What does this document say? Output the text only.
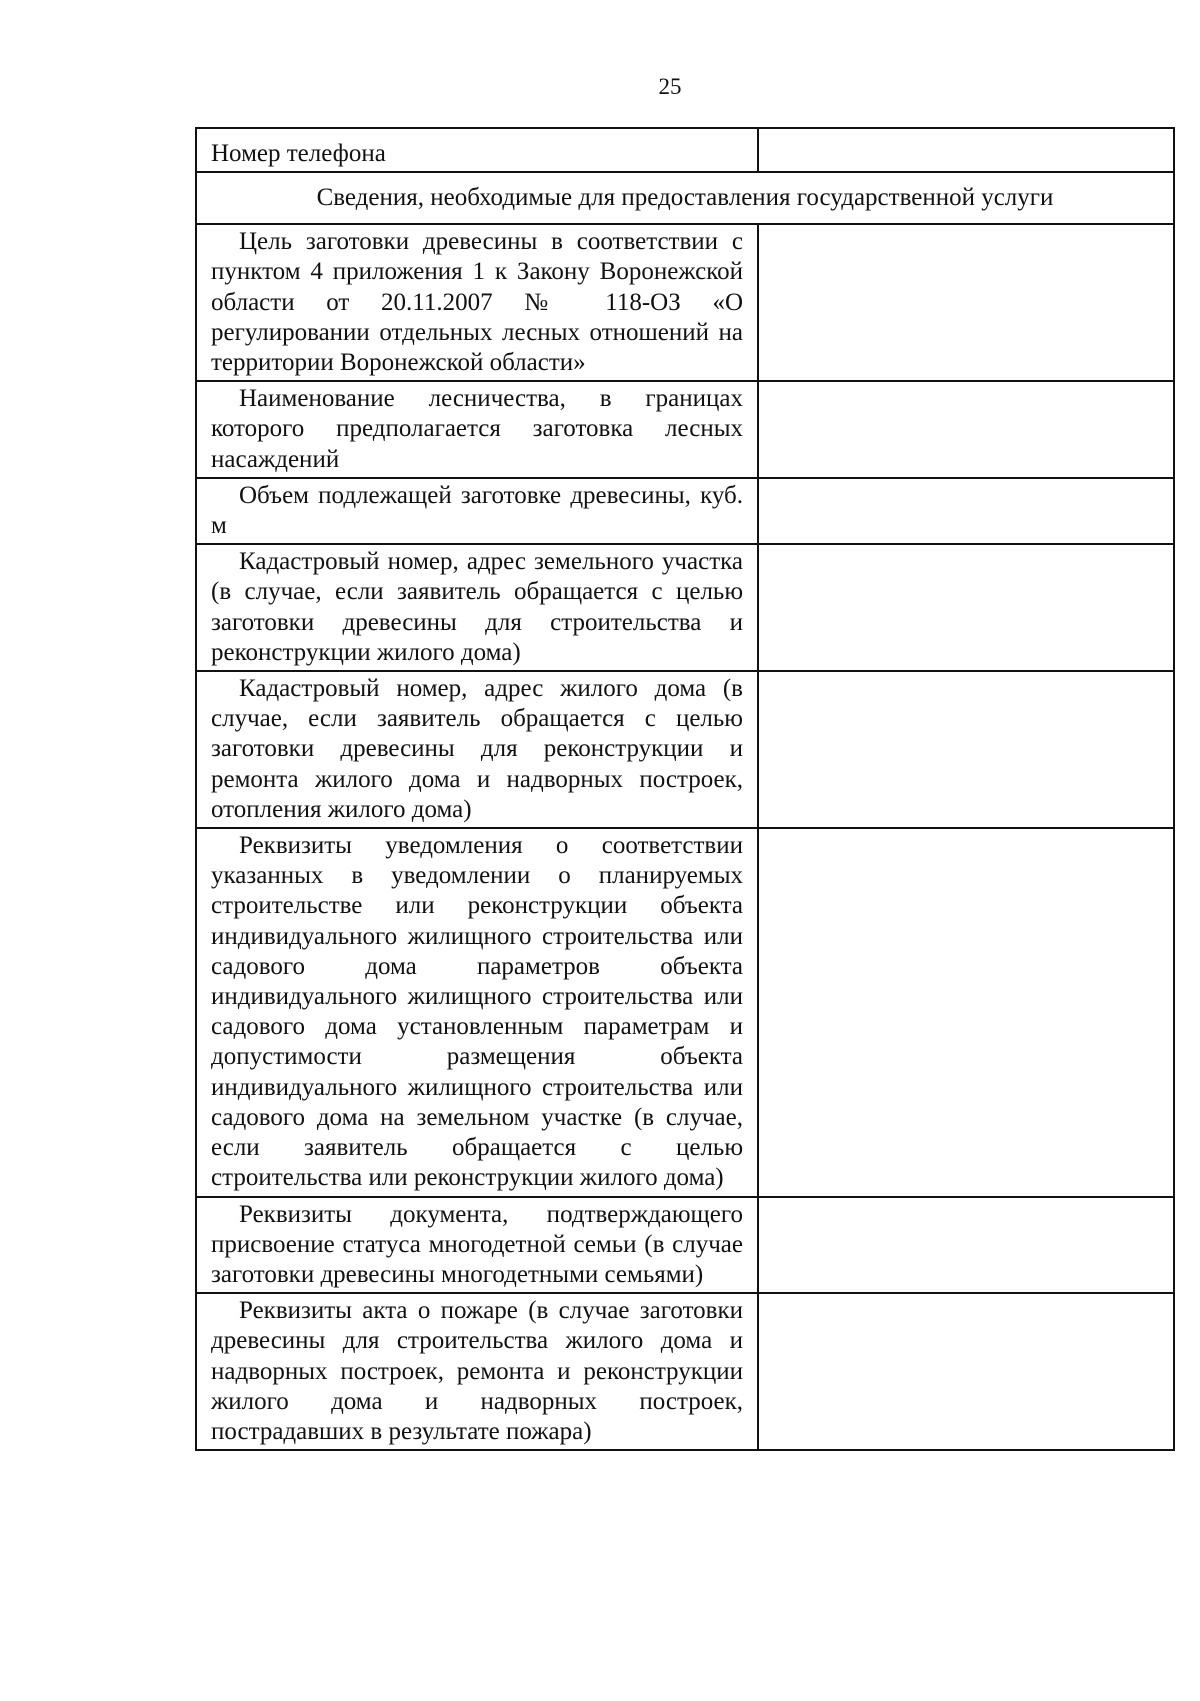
25
Номер телефона	
Сведения, необходимые для предоставления государственной услуги	
Цель заготовки древесины в соответствии с пунктом 4 приложения 1 к Закону Воронежской области от 20.11.2007 № 118-ОЗ «О регулировании отдельных лесных отношений на территории Воронежской области»	
Наименование лесничества, в границах которого предполагается заготовка лесных насаждений	
Объем подлежащей заготовке древесины, куб. м	
Кадастровый номер, адрес земельного участка (в случае, если заявитель обращается с целью заготовки древесины для строительства и реконструкции жилого дома)	
Кадастровый номер, адрес жилого дома (в случае, если заявитель обращается с целью заготовки древесины для реконструкции и ремонта жилого дома и надворных построек, отопления жилого дома)	
Реквизиты уведомления о соответствии указанных в уведомлении о планируемых строительстве или реконструкции объекта индивидуального жилищного строительства или садового дома параметров объекта индивидуального жилищного строительства или садового дома установленным параметрам и допустимости размещения объекта индивидуального жилищного строительства или садового дома на земельном участке (в случае, если заявитель обращается с целью строительства или реконструкции жилого дома)	
Реквизиты документа, подтверждающего присвоение статуса многодетной семьи (в случае заготовки древесины многодетными семьями)	
Реквизиты акта о пожаре (в случае заготовки древесины для строительства жилого дома и надворных построек, ремонта и реконструкции жилого дома и надворных построек, пострадавших в результате пожара)	
